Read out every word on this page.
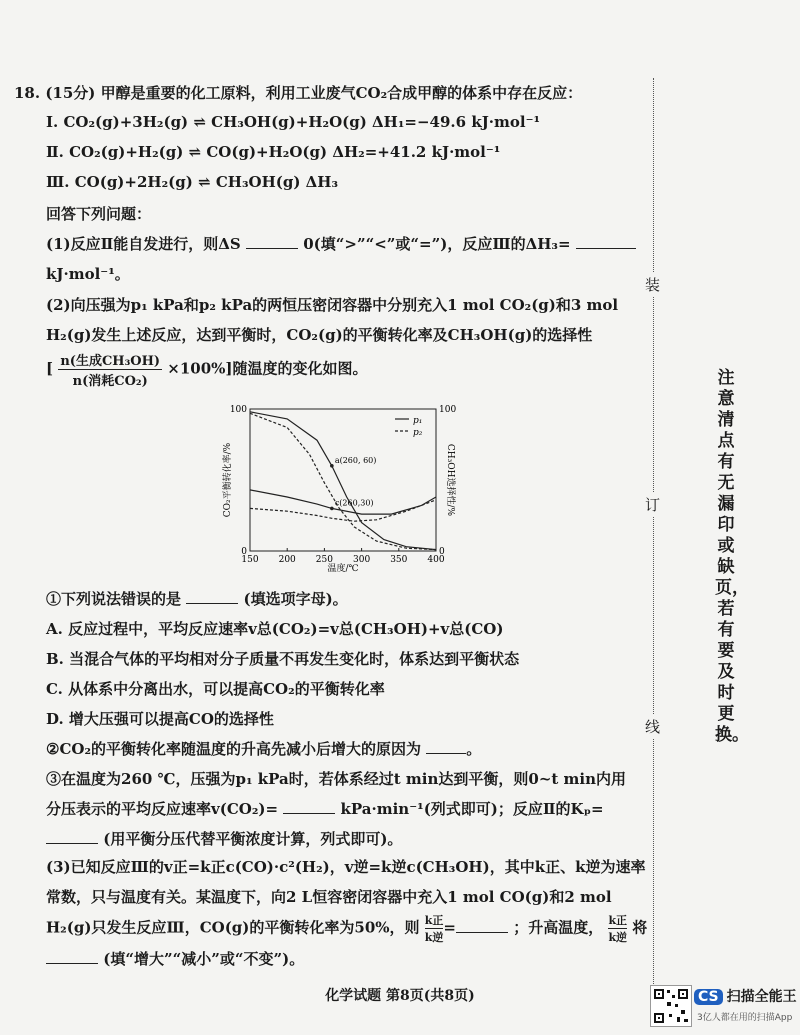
18. (15分) 甲醇是重要的化工原料，利用工业废气CO₂合成甲醇的体系中存在反应：
Ⅰ. CO₂(g)+3H₂(g) ⇌ CH₃OH(g)+H₂O(g) ΔH₁=−49.6 kJ·mol⁻¹
Ⅱ. CO₂(g)+H₂(g) ⇌ CO(g)+H₂O(g) ΔH₂=+41.2 kJ·mol⁻¹
Ⅲ. CO(g)+2H₂(g) ⇌ CH₃OH(g) ΔH₃
回答下列问题：
(1)反应Ⅱ能自发进行，则ΔS	0(填“>”“<”或“=”)，反应Ⅲ的ΔH₃=
kJ·mol⁻¹。
(2)向压强为p₁ kPa和p₂ kPa的两恒压密闭容器中分别充入1 mol CO₂(g)和3 mol
H₂(g)发生上述反应，达到平衡时，CO₂(g)的平衡转化率及CH₃OH(g)的选择性
[ n(生成CH₃OH)
n(消耗CO₂)
×100%]随温度的变化如图。
150 200 250 300 350 400
0
100
0
100
a(260, 60)
c(260,30)
p₁
p₂
CO₂平衡转化率/%	CH₃OH选择性/%
温度/℃
①下列说法错误的是	(填选项字母)。
A. 反应过程中，平均反应速率v总(CO₂)=v总(CH₃OH)+v总(CO)
B. 当混合气体的平均相对分子质量不再发生变化时，体系达到平衡状态
C. 从体系中分离出水，可以提高CO₂的平衡转化率
D. 增大压强可以提高CO的选择性
②CO₂的平衡转化率随温度的升高先减小后增大的原因为	。
③在温度为260 ℃，压强为p₁ kPa时，若体系经过t min达到平衡，则0~t min内用
分压表示的平均反应速率v(CO₂)=	kPa·min⁻¹(列式即可)；反应Ⅱ的Kₚ=
(用平衡分压代替平衡浓度计算，列式即可)。
(3)已知反应Ⅲ的v正=k正c(CO)·c²(H₂)，v逆=k逆c(CH₃OH)，其中k正、k逆为速率
常数，只与温度有关。某温度下，向2 L恒容密闭容器中充入1 mol CO(g)和2 mol
H₂(g)只发生反应Ⅲ，CO(g)的平衡转化率为50%，则 k正
k逆
=	；升高温度， k正
k逆
将
(填“增大”“减小”或“不变”)。
装
订
线
注意清点有无漏印或缺页，若有要及时更换。
化学试题 第8页(共8页)	CS 扫描全能王
3亿人都在用的扫描App
